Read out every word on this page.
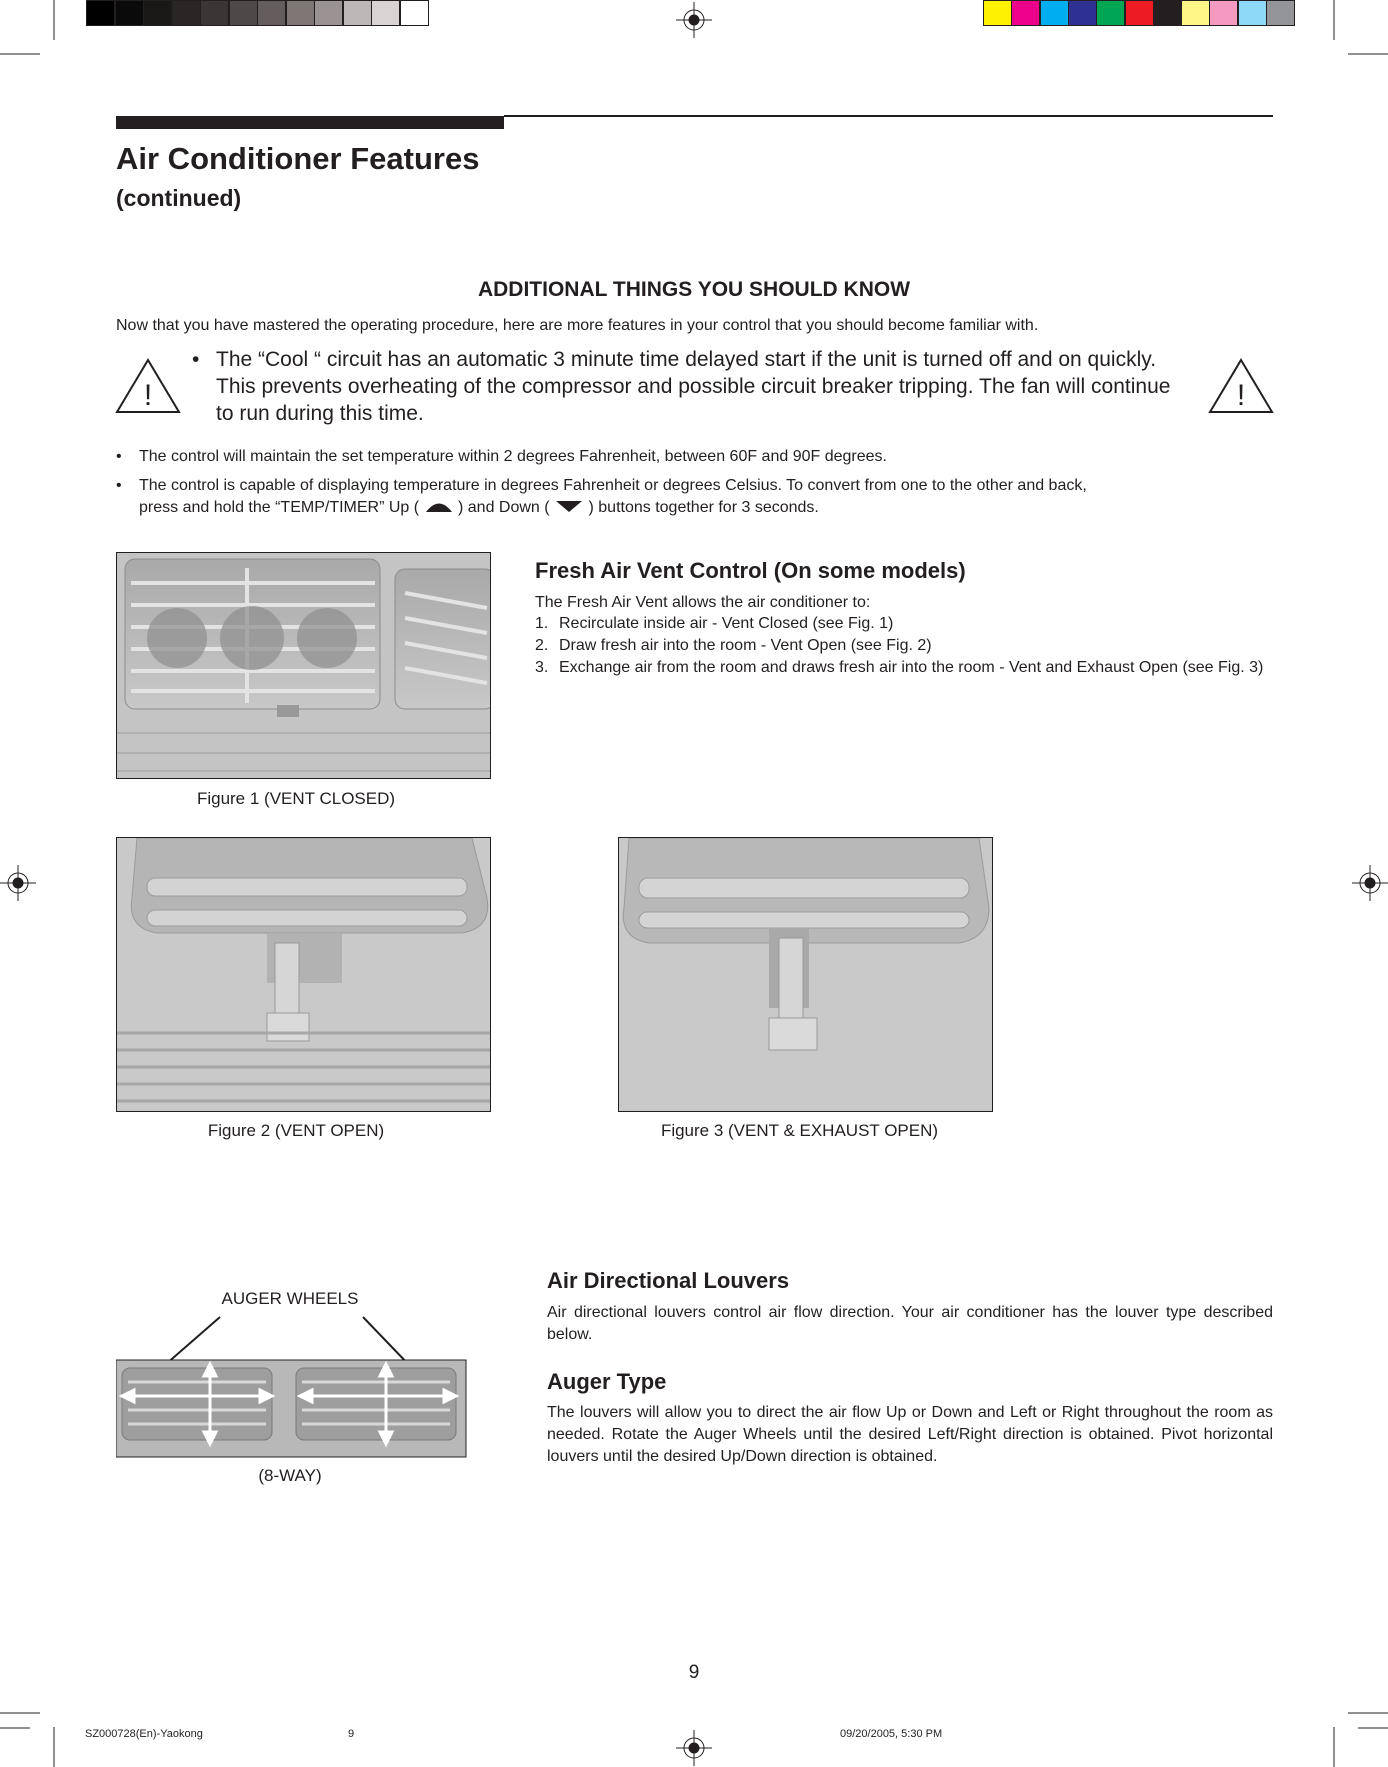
Air Conditioner Features
(continued)
ADDITIONAL THINGS YOU SHOULD KNOW
Now that you have mastered the operating procedure, here are more features in your control that you should become familiar with.
!	!
• The “Cool “ circuit has an automatic 3 minute time delayed start if the unit is turned off and on quickly. This prevents overheating of the compressor and possible circuit breaker tripping. The fan will continue to run during this time.
• The control will maintain the set temperature within 2 degrees Fahrenheit, between 60F and 90F degrees.
• The control is capable of displaying temperature in degrees Fahrenheit or degrees Celsius. To convert from one to the other and back,
press and hold the “TEMP/TIMER” Up ( ) and Down ( ) buttons together for 3 seconds.
Figure 1 (VENT CLOSED)
Fresh Air Vent Control (On some models)
The Fresh Air Vent allows the air conditioner to:
1. Recirculate inside air - Vent Closed (see Fig. 1)
2. Draw fresh air into the room - Vent Open (see Fig. 2)
3. Exchange air from the room and draws fresh air into the room - Vent and Exhaust Open (see Fig. 3)
Figure 2 (VENT OPEN)	Figure 3 (VENT & EXHAUST OPEN)
AUGER WHEELS
(8-WAY)
Air Directional Louvers
Air directional louvers control air flow direction. Your air conditioner has the louver type described below.
Auger Type
The louvers will allow you to direct the air flow Up or Down and Left or Right throughout the room as needed. Rotate the Auger Wheels until the desired Left/Right direction is obtained. Pivot horizontal louvers until the desired Up/Down direction is obtained.
9
SZ000728(En)-Yaokong	9	09/20/2005, 5:30 PM
